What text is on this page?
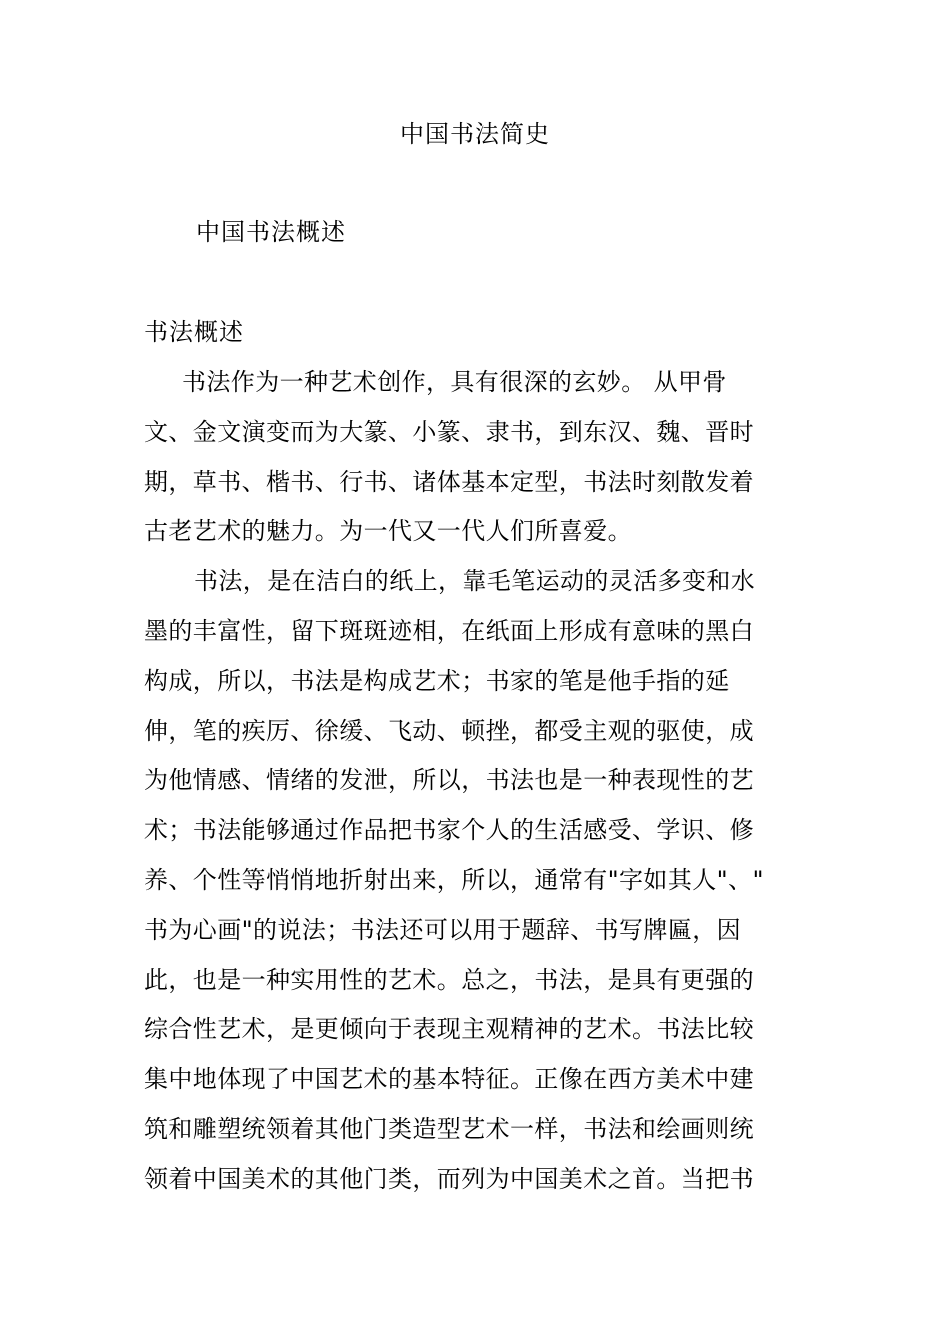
中国书法简史
中国书法概述
书法概述
书法作为一种艺术创作，具有很深的玄妙。 从甲骨
文、金文演变而为大篆、小篆、隶书，到东汉、魏、晋时
期，草书、楷书、行书、诸体基本定型，书法时刻散发着
古老艺术的魅力。为一代又一代人们所喜爱。
书法，是在洁白的纸上，靠毛笔运动的灵活多变和水
墨的丰富性，留下斑斑迹相，在纸面上形成有意味的黑白
构成，所以，书法是构成艺术；书家的笔是他手指的延
伸，笔的疾厉、徐缓、飞动、顿挫，都受主观的驱使，成
为他情感、情绪的发泄，所以，书法也是一种表现性的艺
术；书法能够通过作品把书家个人的生活感受、学识、修
养、个性等悄悄地折射出来，所以，通常有"字如其人"、"
书为心画"的说法；书法还可以用于题辞、书写牌匾，因
此，也是一种实用性的艺术。总之，书法，是具有更强的
综合性艺术，是更倾向于表现主观精神的艺术。书法比较
集中地体现了中国艺术的基本特征。正像在西方美术中建
筑和雕塑统领着其他门类造型艺术一样，书法和绘画则统
领着中国美术的其他门类，而列为中国美术之首。当把书
